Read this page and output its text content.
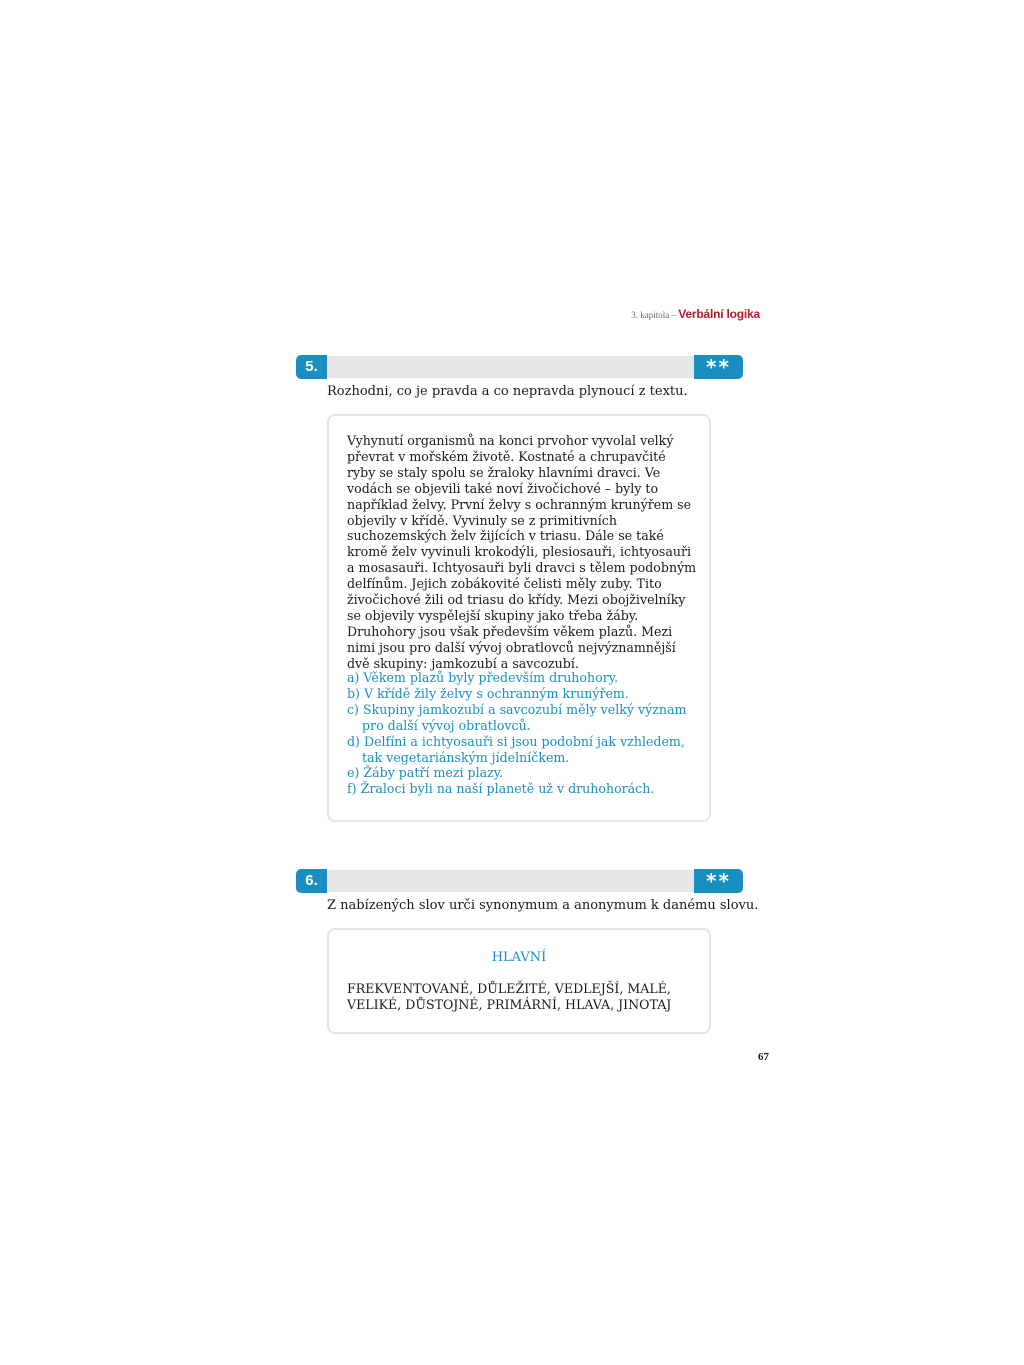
3. kapitola – Verbální logika
5.	**
Rozhodni, co je pravda a co nepravda plynoucí z textu.

Vyhynutí organismů na konci prvohor vyvolal velký převrat v mořském životě. Kostnaté a chrupavčité ryby se staly spolu se žraloky hlavními dravci. Ve vodách se objevili také noví živočichové – byly to například želvy. První želvy s ochranným krunýřem se objevily v křídě. Vyvinuly se z primitivních suchozemských želv žijících v triasu. Dále se také kromě želv vyvinuli krokodýli, plesiosauři, ichtyosauři a mosasauři. Ichtyosauři byli dravci s tělem podobným delfínům. Jejich zobákovité čelisti měly zuby. Tito živočichové žili od triasu do křídy. Mezi obojživelníky se objevily vyspělejší skupiny jako třeba žáby. Druhohory jsou však především věkem plazů. Mezi nimi jsou pro další vývoj obratlovců nejvýznamnější dvě skupiny: jamkozubí a savcozubí.

a) Věkem plazů byly především druhohory.
b) V křídě žily želvy s ochranným krunýřem.
c) Skupiny jamkozubí a savcozubí měly velký význam pro další vývoj obratlovců.
d) Delfíni a ichtyosauři si jsou podobní jak vzhledem, tak vegetariánským jídelníčkem.
e) Žáby patří mezi plazy.
f) Žraloci byli na naší planetě už v druhohorách.
6.	**
Z nabízených slov urči synonymum a anonymum k danému slovu.
HLAVNÍ

FREKVENTOVANÉ, DŮLEŽITÉ, VEDLEJŠÍ, MALÉ, VELIKÉ, DŮSTOJNÉ, PRIMÁRNÍ, HLAVA, JINOTAJ

67
